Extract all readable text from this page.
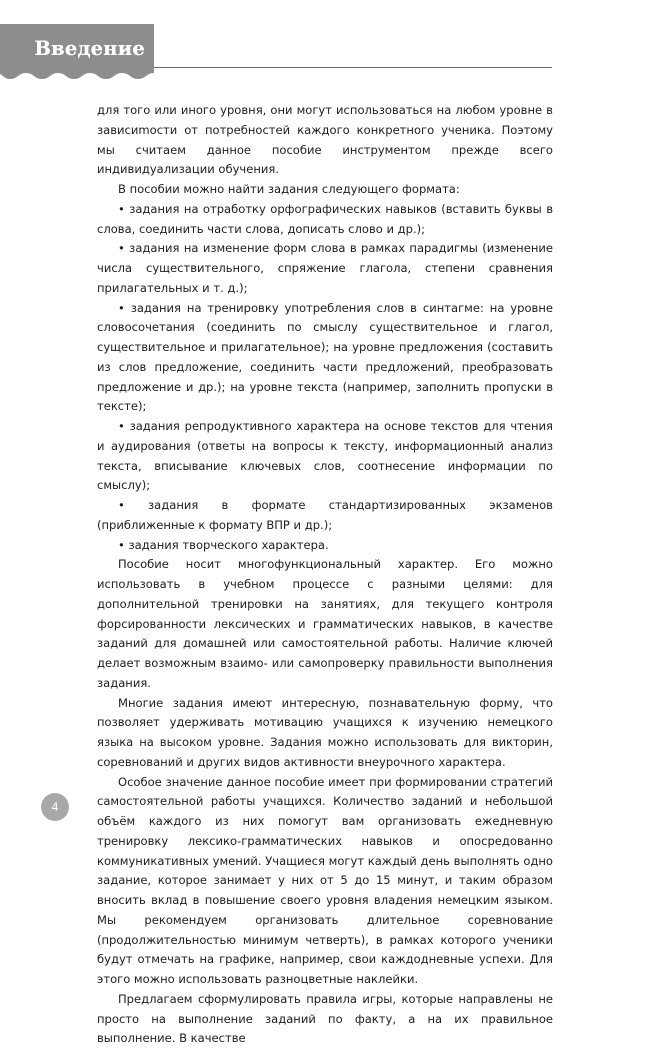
Введение

для того или иного уровня, они могут использоваться на любом уровне в зависиmости от потребностей каждого конкретного ученика. Поэтому мы считаем данное пособие инструментом прежде всего индивидуализации обучения.

В пособии можно найти задания следующего формата:

• задания на отработку орфографических навыков (вставить буквы в слова, соединить части слова, дописать слово и др.);

• задания на изменение форм слова в рамках парадигмы (изменение числа существительного, спряжение глагола, степени сравнения прилагательных и т. д.);

• задания на тренировку употребления слов в синтагме: на уровне словосочетания (соединить по смыслу существительное и глагол, существительное и прилагательное); на уровне предложения (составить из слов предложение, соединить части предложений, преобразовать предложение и др.); на уровне текста (например, заполнить пропуски в тексте);

• задания репродуктивного характера на основе текстов для чтения и аудирования (ответы на вопросы к тексту, информационный анализ текста, вписывание ключевых слов, соотнесение информации по смыслу);

• задания в формате стандартизированных экзаменов (приближенные к формату ВПР и др.);

• задания творческого характера.

Пособие носит многофункциональный характер. Его можно использовать в учебном процессе с разными целями: для дополнительной тренировки на занятиях, для текущего контроля форсированности лексических и грамматических навыков, в качестве заданий для домашней или самостоятельной работы. Наличие ключей делает возможным взаимо- или самопроверку правильности выполнения задания.

Многие задания имеют интересную, познавательную форму, что позволяет удерживать мотивацию учащихся к изучению немецкого языка на высоком уровне. Задания можно использовать для викторин, соревнований и других видов активности внеурочного характера.

Особое значение данное пособие имеет при формировании стратегий самостоятельной работы учащихся. Количество заданий и небольшой объём каждого из них помогут вам организовать ежедневную тренировку лексико-грамматических навыков и опосредованно коммуникативных умений. Учащиеся могут каждый день выполнять одно задание, которое занимает у них от 5 до 15 минут, и таким образом вносить вклад в повышение своего уровня владения немецким языком. Мы рекомендуем организовать длительное соревнование (продолжительностью минимум четверть), в рамках которого ученики будут отмечать на графике, например, свои каждодневные успехи. Для этого можно использовать разноцветные наклейки.

Предлагаем сформулировать правила игры, которые направлены не просто на выполнение заданий по факту, а на их правильное выполнение. В качестве

4
